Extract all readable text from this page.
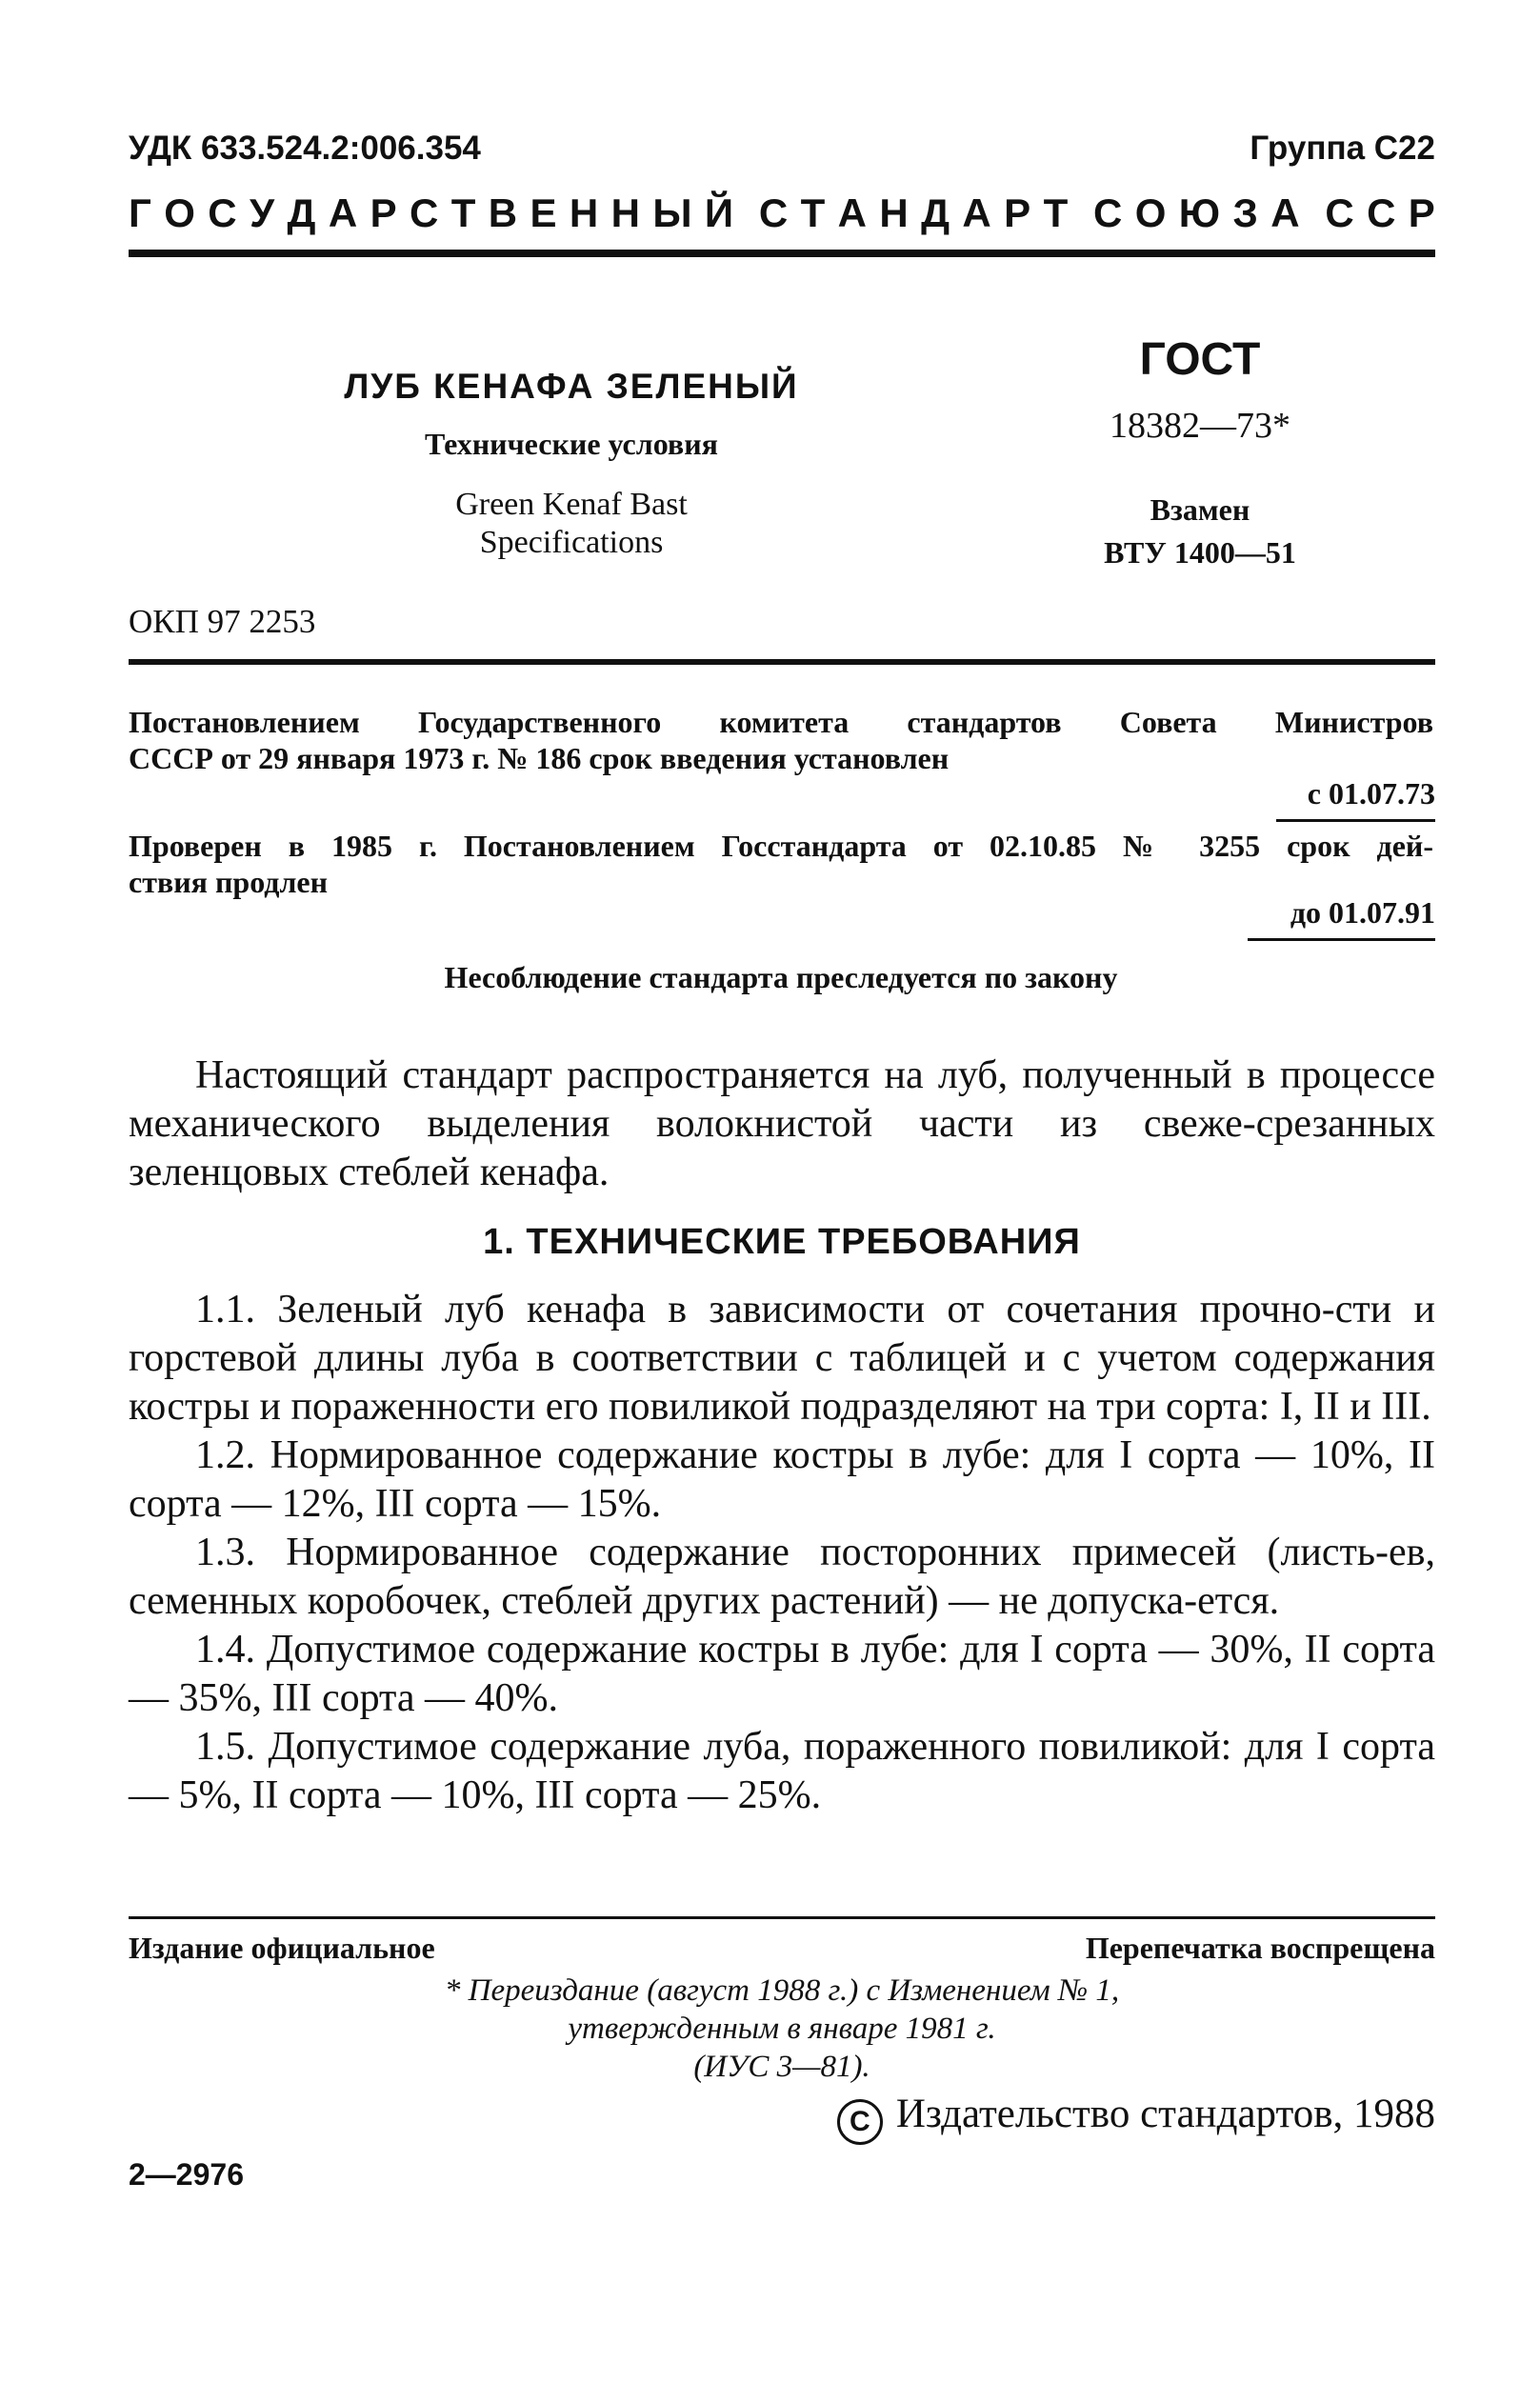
УДК 633.524.2:006.354	Группа С22
Г О С У Д А Р С Т В Е Н Н Ы Й С Т А Н Д А Р Т С О Ю З А С С Р
ЛУБ КЕНАФА ЗЕЛЕНЫЙ
Технические условия
Green Kenaf Bast
Specifications
ГОСТ
18382—73*
Взамен
ВТУ 1400—51
ОКП 97 2253
Постановлением Государственного комитета стандартов Совета Министров
СССР от 29 января 1973 г. № 186 срок введения установлен
с 01.07.73
Проверен в 1985 г. Постановлением Госстандарта от 02.10.85 № 3255 срок дей-
ствия продлен
до 01.07.91
Несоблюдение стандарта преследуется по закону
Настоящий стандарт распространяется на луб, полученный в процессе механического выделения волокнистой части из свеже-срезанных зеленцовых стеблей кенафа.
1. ТЕХНИЧЕСКИЕ ТРЕБОВАНИЯ

1.1. Зеленый луб кенафа в зависимости от сочетания прочно-сти и горстевой длины луба в соответствии с таблицей и с учетом содержания костры и пораженности его повиликой подразделяют на три сорта: I, II и III.

1.2. Нормированное содержание костры в лубе: для I сорта — 10%, II сорта — 12%, III сорта — 15%.

1.3. Нормированное содержание посторонних примесей (листь-ев, семенных коробочек, стеблей других растений) — не допуска-ется.

1.4. Допустимое содержание костры в лубе: для I сорта — 30%, II сорта — 35%, III сорта — 40%.

1.5. Допустимое содержание луба, пораженного повиликой: для I сорта — 5%, II сорта — 10%, III сорта — 25%.

Издание официальное	Перепечатка воспрещена
* Переиздание (август 1988 г.) с Изменением № 1,
утвержденным в январе 1981 г.
(ИУС 3—81).
C Издательство стандартов, 1988
2—2976
